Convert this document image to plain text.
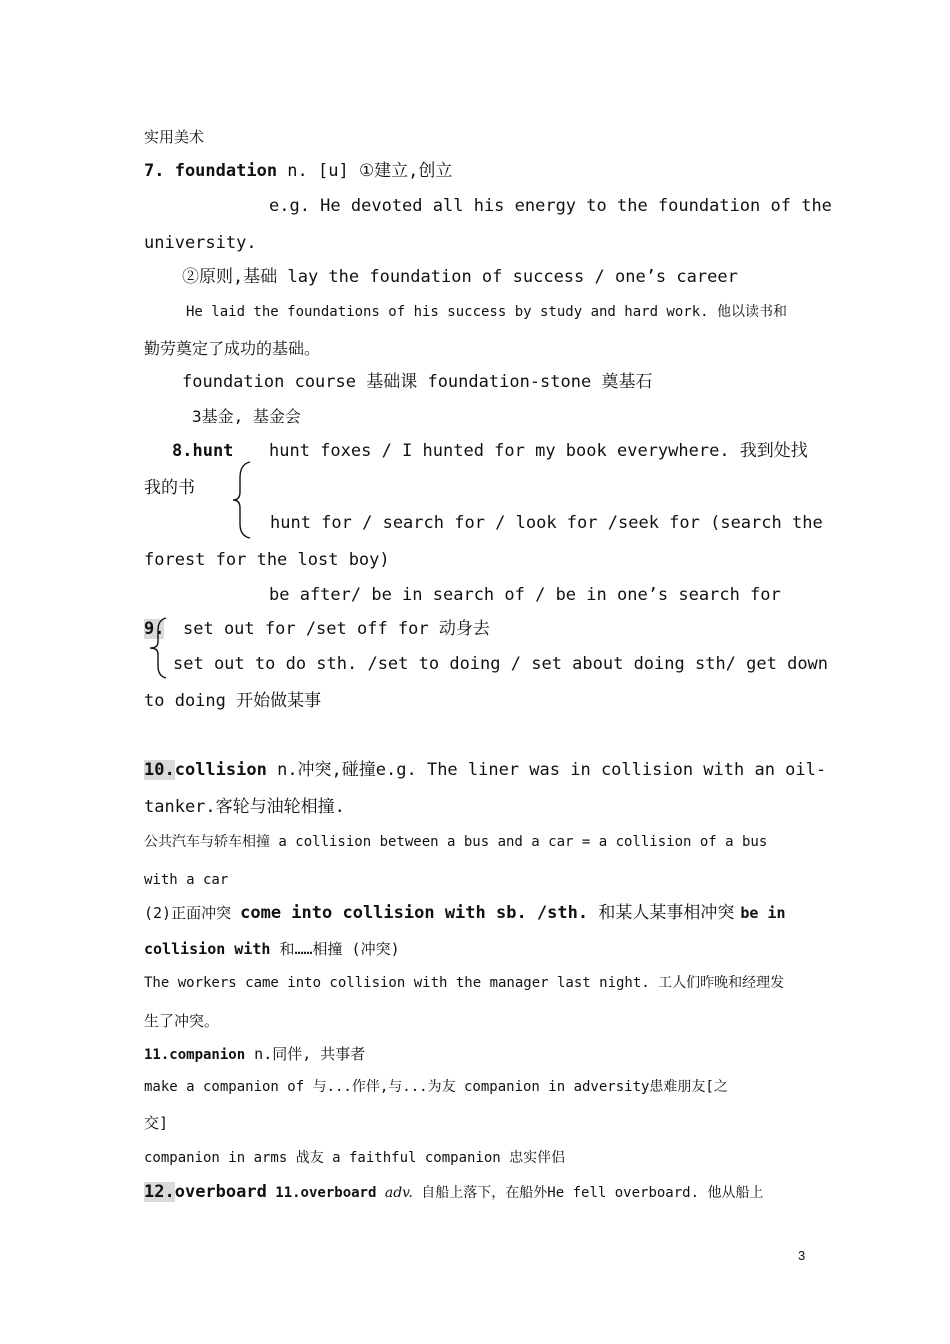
实用美术
7. foundation n. [u] ①建立,创立
e.g. He devoted all his energy to the foundation of the
university.
②原则,基础 lay the foundation of success / one’s career
He laid the foundations of his success by study and hard work. 他以读书和
勤劳奠定了成功的基础。
foundation course 基础课 foundation-stone 奠基石
3基金, 基金会
8.hunt hunt foxes / I hunted for my book everywhere. 我到处找
我的书
hunt for / search for / look for /seek for (search the
forest for the lost boy)
be after/ be in search of / be in one’s search for
9. set out for /set off for 动身去
set out to do sth. /set to doing / set about doing sth/ get down
to doing 开始做某事
10.collision n.冲突,碰撞e.g. The liner was in collision with an oil-
tanker.客轮与油轮相撞.
公共汽车与轿车相撞 a collision between a bus and a car = a collision of a bus
with a car
(2)正面冲突 come into collision with sb. /sth. 和某人某事相冲突 be in
collision with 和……相撞 (冲突)
The workers came into collision with the manager last night. 工人们昨晚和经理发
生了冲突。
11.companion n.同伴, 共事者
make a companion of 与...作伴,与...为友 companion in adversity患难朋友[之
交]
companion in arms 战友 a faithful companion 忠实伴侣
12.overboard 11.overboard adv. 自船上落下，在船外He fell overboard. 他从船上
3
